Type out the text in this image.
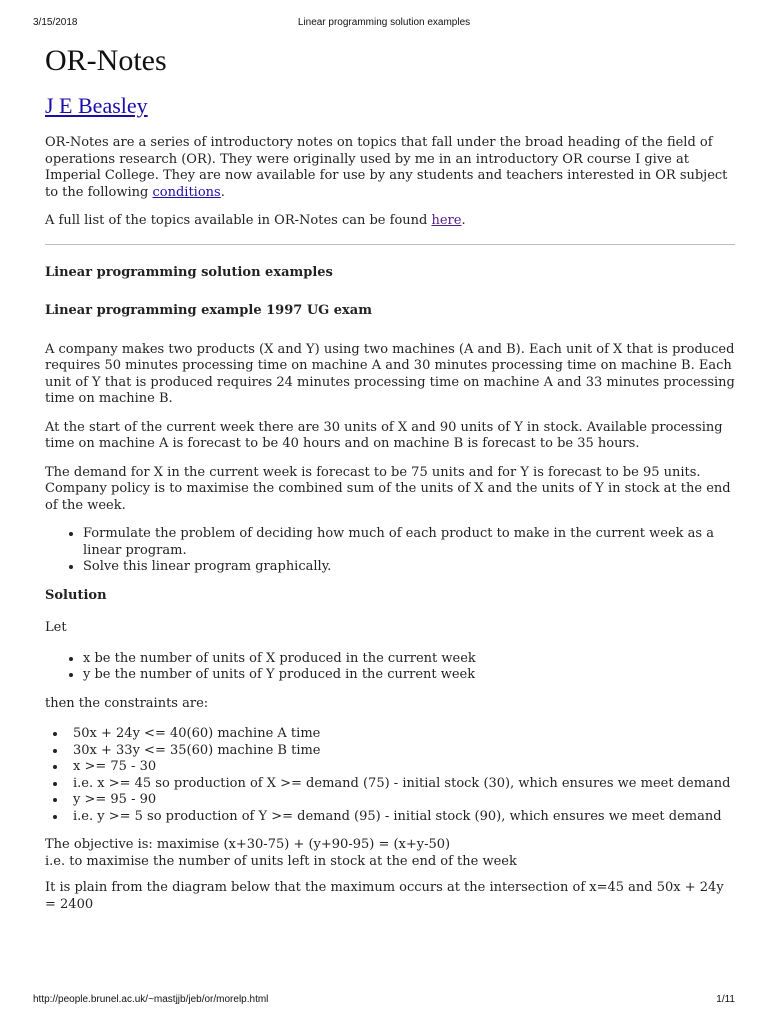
3/15/2018	Linear programming solution examples
OR-Notes
J E Beasley

OR-Notes are a series of introductory notes on topics that fall under the broad heading of the field of operations research (OR). They were originally used by me in an introductory OR course I give at Imperial College. They are now available for use by any students and teachers interested in OR subject to the following conditions.

A full list of the topics available in OR-Notes can be found here.

Linear programming solution examples

Linear programming example 1997 UG exam

A company makes two products (X and Y) using two machines (A and B). Each unit of X that is produced requires 50 minutes processing time on machine A and 30 minutes processing time on machine B. Each unit of Y that is produced requires 24 minutes processing time on machine A and 33 minutes processing time on machine B.

At the start of the current week there are 30 units of X and 90 units of Y in stock. Available processing time on machine A is forecast to be 40 hours and on machine B is forecast to be 35 hours.

The demand for X in the current week is forecast to be 75 units and for Y is forecast to be 95 units. Company policy is to maximise the combined sum of the units of X and the units of Y in stock at the end of the week.

• Formulate the problem of deciding how much of each product to make in the current week as a linear program.
• Solve this linear program graphically.

Solution

Let

• x be the number of units of X produced in the current week
• y be the number of units of Y produced in the current week

then the constraints are:

• 50x + 24y <= 40(60) machine A time
• 30x + 33y <= 35(60) machine B time
• x >= 75 - 30
• i.e. x >= 45 so production of X >= demand (75) - initial stock (30), which ensures we meet demand
• y >= 95 - 90
• i.e. y >= 5 so production of Y >= demand (95) - initial stock (90), which ensures we meet demand

The objective is: maximise (x+30-75) + (y+90-95) = (x+y-50)
i.e. to maximise the number of units left in stock at the end of the week

It is plain from the diagram below that the maximum occurs at the intersection of x=45 and 50x + 24y = 2400

http://people.brunel.ac.uk/~mastjjb/jeb/or/morelp.html	1/11
